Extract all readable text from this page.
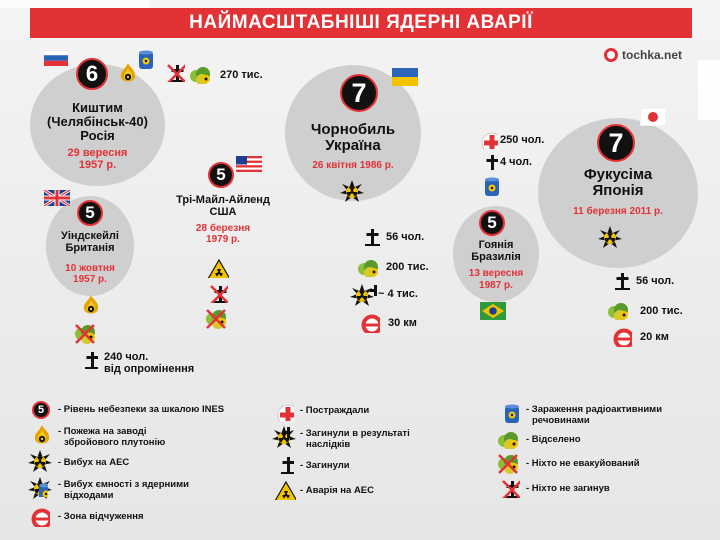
НАЙМАСШТАБНІШІ ЯДЕРНІ АВАРІЇ
tochka.net
6	270 тис.
Киштим
(Челябінськ-40)
Росія
29 вересня
1957 р.
5
Уіндскейлі
Британія
10 жовтня
1957 р.
240 чол.
від опромінення
5
Трі-Майл-Айленд
США
28 березня
1979 р.
7
Чорнобиль
Україна
26 квітня 1986 р.
56 чол.
200 тис.
~ 4 тис.
30 км
250 чол.
4 чол.
5
Гоянія
Бразилія
13 вересня
1987 р.
7
Фукусіма
Японія
11 березня 2011 р.
56 чол.
200 тис.
20 км
5	- Рівень небезпеки за шкалою INES
- Пожежа на заводі
збройового плутонію
- Вибух на АЕС
- Вибух ємності з ядерними
відходами
- Зона відчуження
- Постраждали
- Загинули в результаті
наслідків
- Загинули
- Аварія на АЕС
- Зараження радіоактивними
речовинами
- Відселено
- Ніхто не евакуйований
- Ніхто не загинув
